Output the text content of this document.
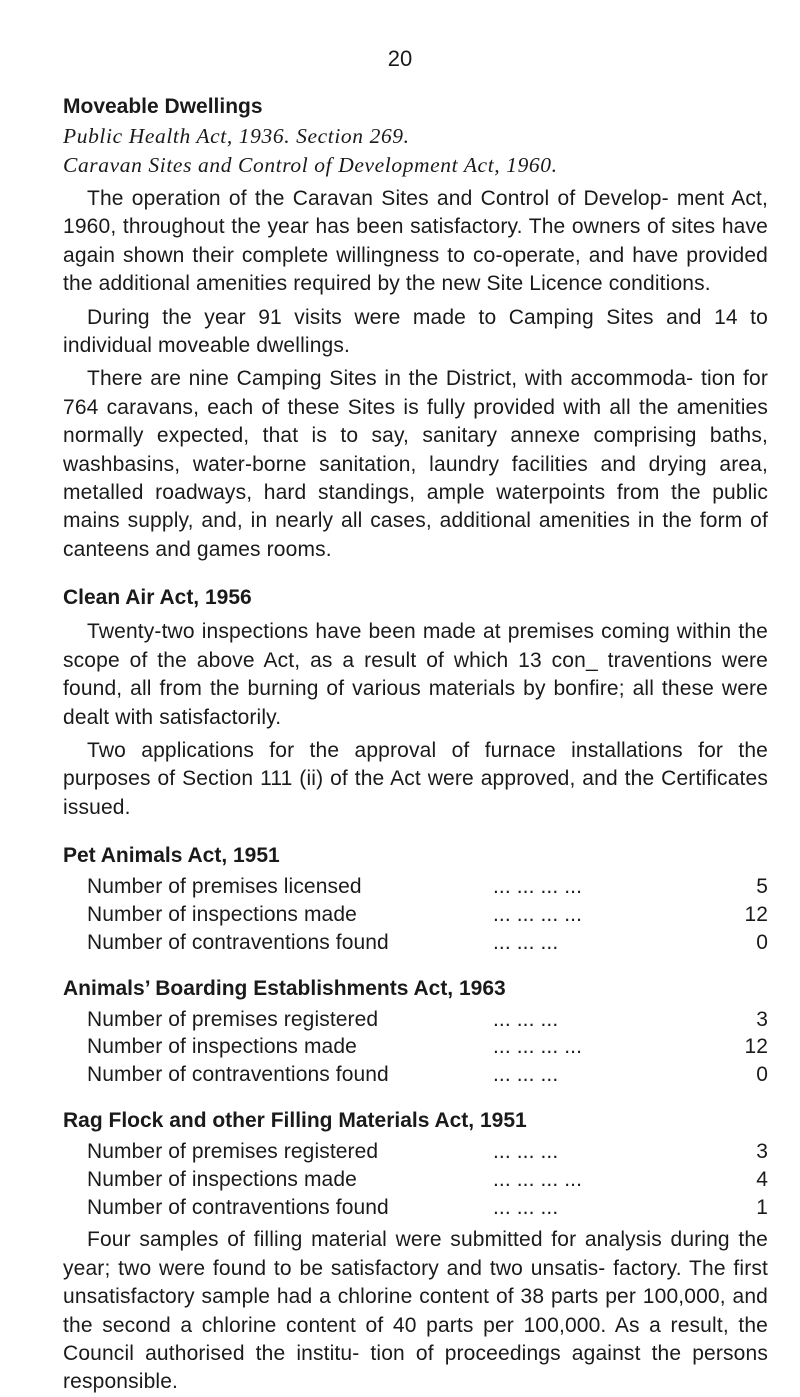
20
Moveable Dwellings
Public Health Act, 1936. Section 269.
Caravan Sites and Control of Development Act, 1960.

The operation of the Caravan Sites and Control of Develop- ment Act, 1960, throughout the year has been satisfactory. The owners of sites have again shown their complete willingness to co-operate, and have provided the additional amenities required by the new Site Licence conditions.

During the year 91 visits were made to Camping Sites and 14 to individual moveable dwellings.

There are nine Camping Sites in the District, with accommoda- tion for 764 caravans, each of these Sites is fully provided with all the amenities normally expected, that is to say, sanitary annexe comprising baths, washbasins, water-borne sanitation, laundry facilities and drying area, metalled roadways, hard standings, ample waterpoints from the public mains supply, and, in nearly all cases, additional amenities in the form of canteens and games rooms.

Clean Air Act, 1956

Twenty-two inspections have been made at premises coming within the scope of the above Act, as a result of which 13 con_ traventions were found, all from the burning of various materials by bonfire; all these were dealt with satisfactorily.

Two applications for the approval of furnace installations for the purposes of Section 111 (ii) of the Act were approved, and the Certificates issued.

Pet Animals Act, 1951
Number of premises licensed	... ... ... ...	5
Number of inspections made	... ... ... ...	12
Number of contraventions found	... ... ...	0
Animals’ Boarding Establishments Act, 1963
Number of premises registered	... ... ...	3
Number of inspections made	... ... ... ...	12
Number of contraventions found	... ... ...	0
Rag Flock and other Filling Materials Act, 1951
Number of premises registered	... ... ...	3
Number of inspections made	... ... ... ...	4
Number of contraventions found	... ... ...	1

Four samples of filling material were submitted for analysis during the year; two were found to be satisfactory and two unsatis- factory. The first unsatisfactory sample had a chlorine content of 38 parts per 100,000, and the second a chlorine content of 40 parts per 100,000. As a result, the Council authorised the institu- tion of proceedings against the persons responsible.
